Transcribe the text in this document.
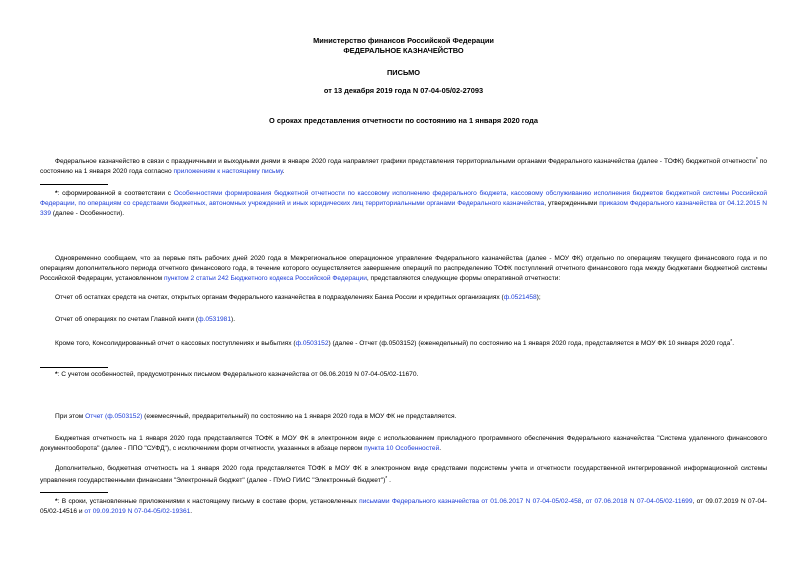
Министерство финансов Российской Федерации
ФЕДЕРАЛЬНОЕ КАЗНАЧЕЙСТВО
ПИСЬМО
от 13 декабря 2019 года N 07-04-05/02-27093
О сроках представления отчетности по состоянию на 1 января 2020 года
Федеральное казначейство в связи с праздничными и выходными днями в январе 2020 года направляет графики представления территориальными органами Федерального казначейства (далее - ТОФК) бюджетной отчетности* по состоянию на 1 января 2020 года согласно приложениям к настоящему письму.
*: сформированной в соответствии с Особенностями формирования бюджетной отчетности по кассовому исполнению федерального бюджета, кассовому обслуживанию исполнения бюджетов бюджетной системы Российской Федерации, по операциям со средствами бюджетных, автономных учреждений и иных юридических лиц территориальными органами Федерального казначейства, утвержденными приказом Федерального казначейства от 04.12.2015 N 339 (далее - Особенности).
Одновременно сообщаем, что за первые пять рабочих дней 2020 года в Межрегиональное операционное управление Федерального казначейства (далее - МОУ ФК) отдельно по операциям текущего финансового года и по операциям дополнительного периода отчетного финансового года, в течение которого осуществляется завершение операций по распределению ТОФК поступлений отчетного финансового года между бюджетами бюджетной системы Российской Федерации, установленном пунктом 2 статьи 242 Бюджетного кодекса Российской Федерации, представляются следующие формы оперативной отчетности:
Отчет об остатках средств на счетах, открытых органам Федерального казначейства в подразделениях Банка России и кредитных организациях (ф.0521458);
Отчет об операциях по счетам Главной книги (ф.0531981).
Кроме того, Консолидированный отчет о кассовых поступлениях и выбытиях (ф.0503152) (далее - Отчет (ф.0503152) (еженедельный) по состоянию на 1 января 2020 года, представляется в МОУ ФК 10 января 2020 года*.
*: С учетом особенностей, предусмотренных письмом Федерального казначейства от 06.06.2019 N 07-04-05/02-11670.
При этом Отчет (ф.0503152) (ежемесячный, предварительный) по состоянию на 1 января 2020 года в МОУ ФК не представляется.
Бюджетная отчетность на 1 января 2020 года представляется ТОФК в МОУ ФК в электронном виде с использованием прикладного программного обеспечения Федерального казначейства "Система удаленного финансового документооборота" (далее - ППО "СУФД"), с исключением форм отчетности, указанных в абзаце первом пункта 10 Особенностей.
Дополнительно, бюджетная отчетность на 1 января 2020 года представляется ТОФК в МОУ ФК в электронном виде средствами подсистемы учета и отчетности государственной интегрированной информационной системы управления государственными финансами "Электронный бюджет" (далее - ПУиО ГИИС "Электронный бюджет")* .
*: В сроки, установленные приложениями к настоящему письму в составе форм, установленных письмами Федерального казначейства от 01.06.2017 N 07-04-05/02-458, от 07.06.2018 N 07-04-05/02-11699, от 09.07.2019 N 07-04-05/02-14516 и от 09.09.2019 N 07-04-05/02-19361.
